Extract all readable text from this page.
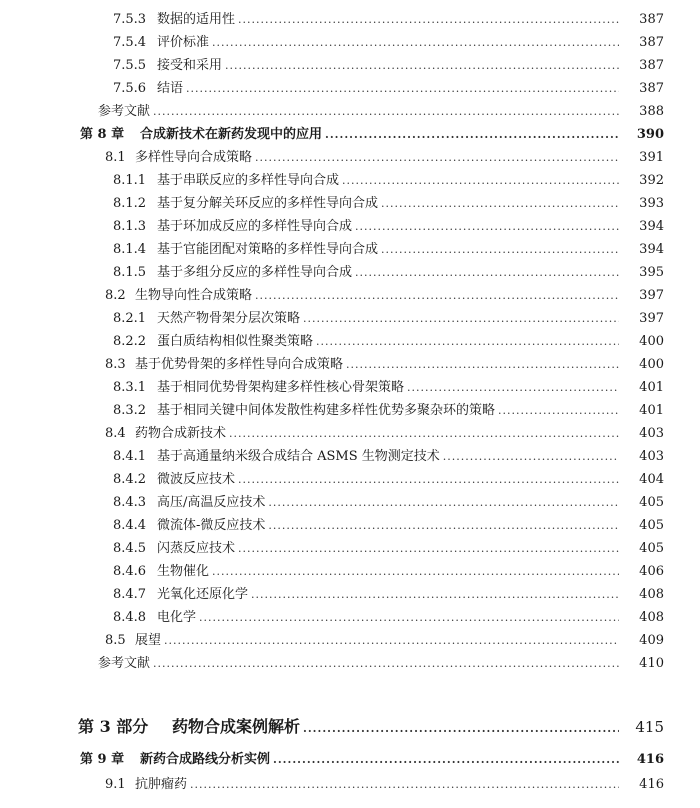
7.5.3 数据的适用性 .....	387
7.5.4 评价标准 .....	387
7.5.5 接受和采用 .....	387
7.5.6 结语 .....	387
参考文献 .....	388
第 8 章	合成新技术在新药发现中的应用 .....	390
8.1 多样性导向合成策略 .....	391
8.1.1 基于串联反应的多样性导向合成 .....	392
8.1.2 基于复分解关环反应的多样性导向合成 .....	393
8.1.3 基于环加成反应的多样性导向合成 .....	394
8.1.4 基于官能团配对策略的多样性导向合成 .....	394
8.1.5 基于多组分反应的多样性导向合成 .....	395
8.2 生物导向性合成策略 .....	397
8.2.1 天然产物骨架分层次策略 .....	397
8.2.2 蛋白质结构相似性聚类策略 .....	400
8.3 基于优势骨架的多样性导向合成策略 .....	400
8.3.1 基于相同优势骨架构建多样性核心骨架策略 .....	401
8.3.2 基于相同关键中间体发散性构建多样性优势多聚杂环的策略 .....	401
8.4 药物合成新技术 .....	403
8.4.1 基于高通量纳米级合成结合 ASMS 生物测定技术 .....	403
8.4.2 微波反应技术 .....	404
8.4.3 高压/高温反应技术 .....	405
8.4.4 微流体-微反应技术 .....	405
8.4.5 闪蒸反应技术 .....	405
8.4.6 生物催化 .....	406
8.4.7 光氧化还原化学 .....	408
8.4.8 电化学 .....	408
8.5 展望 .....	409
参考文献 .....	410
第 3 部分	药物合成案例解析 .....	415
第 9 章	新药合成路线分析实例 .....	416
9.1 抗肿瘤药 .....	416
